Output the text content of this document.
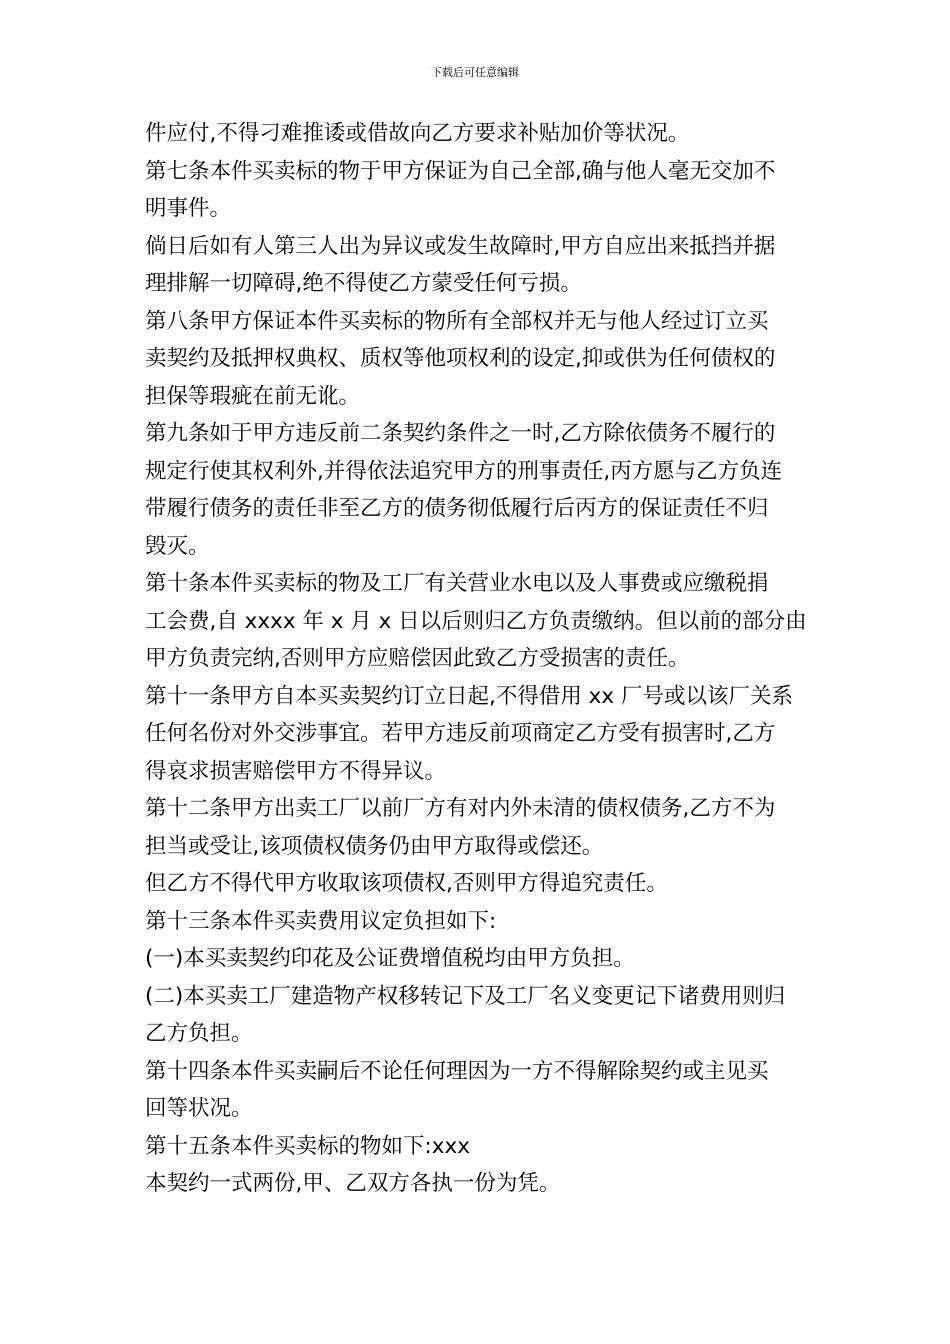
下载后可任意编辑
件应付,不得刁难推诿或借故向乙方要求补贴加价等状况。
第七条本件买卖标的物于甲方保证为自己全部,确与他人毫无交加不
明事件。
倘日后如有人第三人出为异议或发生故障时,甲方自应出来抵挡并据
理排解一切障碍,绝不得使乙方蒙受任何亏损。
第八条甲方保证本件买卖标的物所有全部权并无与他人经过订立买
卖契约及抵押权典权、质权等他项权利的设定,抑或供为任何债权的
担保等瑕疵在前无讹。
第九条如于甲方违反前二条契约条件之一时,乙方除依债务不履行的
规定行使其权利外,并得依法追究甲方的刑事责任,丙方愿与乙方负连
带履行债务的责任非至乙方的债务彻低履行后丙方的保证责任不归
毁灭。
第十条本件买卖标的物及工厂有关营业水电以及人事费或应缴税捐
工会费,自 xxxx 年 x 月 x 日以后则归乙方负责缴纳。但以前的部分由
甲方负责完纳,否则甲方应赔偿因此致乙方受损害的责任。
第十一条甲方自本买卖契约订立日起,不得借用 xx 厂号或以该厂关系
任何名份对外交涉事宜。若甲方违反前项商定乙方受有损害时,乙方
得哀求损害赔偿甲方不得异议。
第十二条甲方出卖工厂以前厂方有对内外未清的债权债务,乙方不为
担当或受让,该项债权债务仍由甲方取得或偿还。
但乙方不得代甲方收取该项债权,否则甲方得追究责任。
第十三条本件买卖费用议定负担如下:
(一)本买卖契约印花及公证费增值税均由甲方负担。
(二)本买卖工厂建造物产权移转记下及工厂名义变更记下诸费用则归
乙方负担。
第十四条本件买卖嗣后不论任何理因为一方不得解除契约或主见买
回等状况。
第十五条本件买卖标的物如下:xxx
本契约一式两份,甲、乙双方各执一份为凭。
